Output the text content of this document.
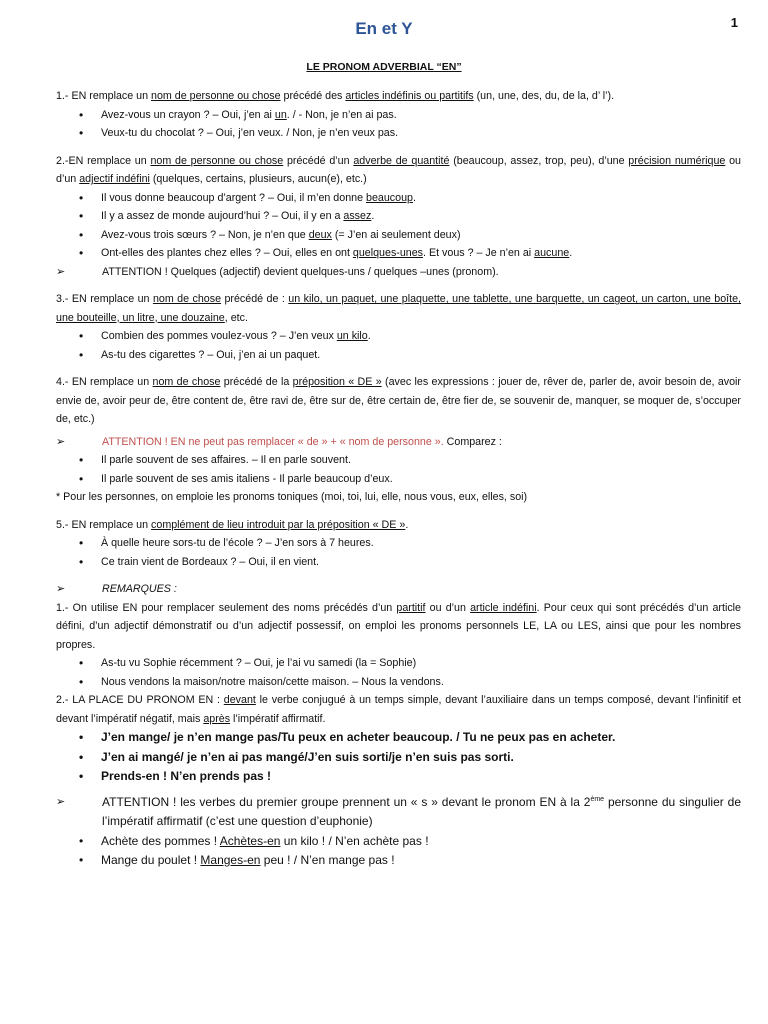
En et Y	1
LE PRONOM ADVERBIAL “EN”

1.- EN remplace un nom de personne ou chose précédé des articles indéfinis ou partitifs (un, une, des, du, de la, d’ l’).

• Avez-vous un crayon ? – Oui, j’en ai un. / - Non, je n’en ai pas.
• Veux-tu du chocolat ? – Oui, j’en veux. / Non, je n’en veux pas.

2.-EN remplace un nom de personne ou chose précédé d’un adverbe de quantité (beaucoup, assez, trop, peu), d’une précision numérique ou d’un adjectif indéfini (quelques, certains, plusieurs, aucun(e), etc.)

• Il vous donne beaucoup d’argent ? – Oui, il m’en donne beaucoup.
• Il y a assez de monde aujourd’hui ? – Oui, il y en a assez.
• Avez-vous trois sœurs ? – Non, je n’en que deux (= J’en ai seulement deux)
• Ont-elles des plantes chez elles ? – Oui, elles en ont quelques-unes. Et vous ? – Je n’en ai aucune.
➢	ATTENTION ! Quelques (adjectif) devient quelques-uns / quelques –unes (pronom).

3.- EN remplace un nom de chose précédé de : un kilo, un paquet, une plaquette, une tablette, une barquette, un cageot, un carton, une boîte, une bouteille, un litre, une douzaine, etc.

• Combien des pommes voulez-vous ? – J’en veux un kilo.
• As-tu des cigarettes ? – Oui, j’en ai un paquet.

4.- EN remplace un nom de chose précédé de la préposition « DE » (avec les expressions : jouer de, rêver de, parler de, avoir besoin de, avoir envie de, avoir peur de, être content de, être ravi de, être sur de, être certain de, être fier de, se souvenir de, manquer, se moquer de, s’occuper de, etc.)

➢	ATTENTION ! EN ne peut pas remplacer « de » + « nom de personne ». Comparez :
• Il parle souvent de ses affaires. – Il en parle souvent.
• Il parle souvent de ses amis italiens - Il parle beaucoup d’eux.

* Pour les personnes, on emploie les pronoms toniques (moi, toi, lui, elle, nous vous, eux, elles, soi)

5.- EN remplace un complément de lieu introduit par la préposition « DE ».

• À quelle heure sors-tu de l’école ? – J’en sors à 7 heures.
• Ce train vient de Bordeaux ? – Oui, il en vient.
➢	REMARQUES :

1.- On utilise EN pour remplacer seulement des noms précédés d’un partitif ou d’un article indéfini. Pour ceux qui sont précédés d’un article défini, d’un adjectif démonstratif ou d’un adjectif possessif, on emploi les pronoms personnels LE, LA ou LES, ainsi que pour les nombres propres.

• As-tu vu Sophie récemment ? – Oui, je l’ai vu samedi (la = Sophie)
• Nous vendons la maison/notre maison/cette maison. – Nous la vendons.

2.- LA PLACE DU PRONOM EN : devant le verbe conjugué à un temps simple, devant l’auxiliaire dans un temps composé, devant l’infinitif et devant l’impératif négatif, mais après l’impératif affirmatif.

• J’en mange/ je n’en mange pas/Tu peux en acheter beaucoup. / Tu ne peux pas en acheter.
• J’en ai mangé/ je n’en ai pas mangé/J’en suis sorti/je n’en suis pas sorti.
• Prends-en ! N’en prends pas !
➢	ATTENTION ! les verbes du premier groupe prennent un « s » devant le pronom EN à la 2ème personne du singulier de l’impératif affirmatif (c’est une question d’euphonie)
• Achète des pommes ! Achètes-en un kilo ! / N’en achète pas !
• Mange du poulet ! Manges-en peu ! / N’en mange pas !
